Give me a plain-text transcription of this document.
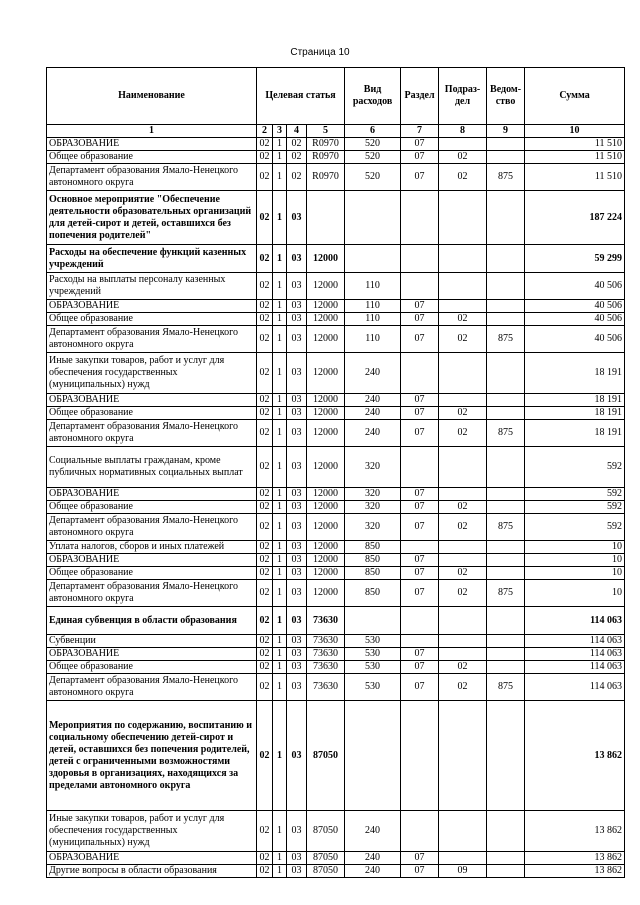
Страница 10
Наименование	Целевая статья				Вид расходов	Раздел	Подраз-дел	Ведом-ство	Сумма
1	2	3	4	5	6	7	8	9	10
ОБРАЗОВАНИЕ	02	1	02	R0970	520	07			11 510
Общее образование	02	1	02	R0970	520	07	02		11 510
Департамент образования Ямало-Ненецкого автономного округа	02	1	02	R0970	520	07	02	875	11 510
Основное мероприятие "Обеспечение деятельности образовательных организаций для детей-сирот и детей, оставшихся без попечения родителей"	02	1	03						187 224
Расходы на обеспечение функций казенных учреждений	02	1	03	12000					59 299
Расходы на выплаты персоналу казенных учреждений	02	1	03	12000	110				40 506
ОБРАЗОВАНИЕ	02	1	03	12000	110	07			40 506
Общее образование	02	1	03	12000	110	07	02		40 506
Департамент образования Ямало-Ненецкого автономного округа	02	1	03	12000	110	07	02	875	40 506
Иные закупки товаров, работ и услуг для обеспечения государственных (муниципальных) нужд	02	1	03	12000	240				18 191
ОБРАЗОВАНИЕ	02	1	03	12000	240	07			18 191
Общее образование	02	1	03	12000	240	07	02		18 191
Департамент образования Ямало-Ненецкого автономного округа	02	1	03	12000	240	07	02	875	18 191
Социальные выплаты гражданам, кроме публичных нормативных социальных выплат	02	1	03	12000	320				592
ОБРАЗОВАНИЕ	02	1	03	12000	320	07			592
Общее образование	02	1	03	12000	320	07	02		592
Департамент образования Ямало-Ненецкого автономного округа	02	1	03	12000	320	07	02	875	592
Уплата налогов, сборов и иных платежей	02	1	03	12000	850				10
ОБРАЗОВАНИЕ	02	1	03	12000	850	07			10
Общее образование	02	1	03	12000	850	07	02		10
Департамент образования Ямало-Ненецкого автономного округа	02	1	03	12000	850	07	02	875	10
Единая субвенция в области образования	02	1	03	73630					114 063
Субвенции	02	1	03	73630	530				114 063
ОБРАЗОВАНИЕ	02	1	03	73630	530	07			114 063
Общее образование	02	1	03	73630	530	07	02		114 063
Департамент образования Ямало-Ненецкого автономного округа	02	1	03	73630	530	07	02	875	114 063
Мероприятия по содержанию, воспитанию и социальному обеспечению детей-сирот и детей, оставшихся без попечения родителей, детей с ограниченными возможностями здоровья в организациях, находящихся за пределами автономного округа	02	1	03	87050					13 862
Иные закупки товаров, работ и услуг для обеспечения государственных (муниципальных) нужд	02	1	03	87050	240				13 862
ОБРАЗОВАНИЕ	02	1	03	87050	240	07			13 862
Другие вопросы в области образования	02	1	03	87050	240	07	09		13 862
